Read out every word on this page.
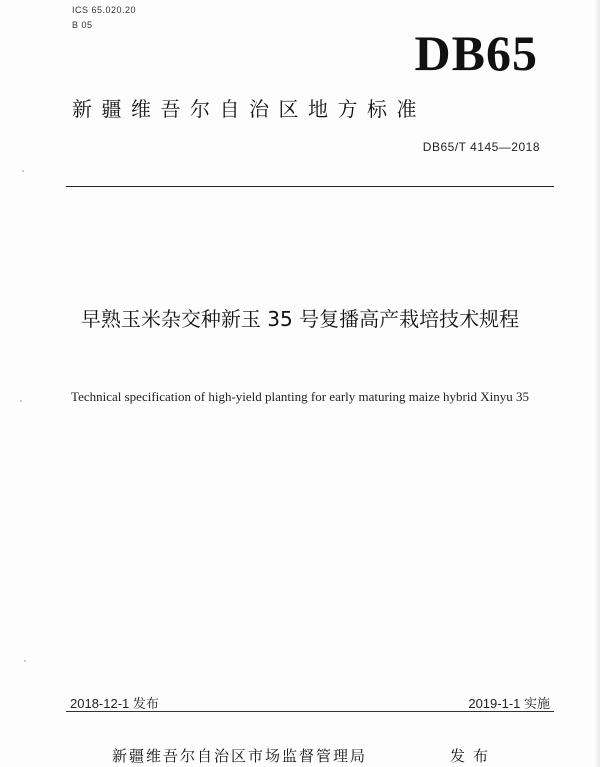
ICS 65.020.20
B 05	DB65
新疆维吾尔自治区地方标准
DB65/T 4145—2018
早熟玉米杂交种新玉 35 号复播高产栽培技术规程
Technical specification of high-yield planting for early maturing maize hybrid Xinyu 35
2018-12-1 发布	2019-1-1 实施
新疆维吾尔自治区市场监督管理局	发布
